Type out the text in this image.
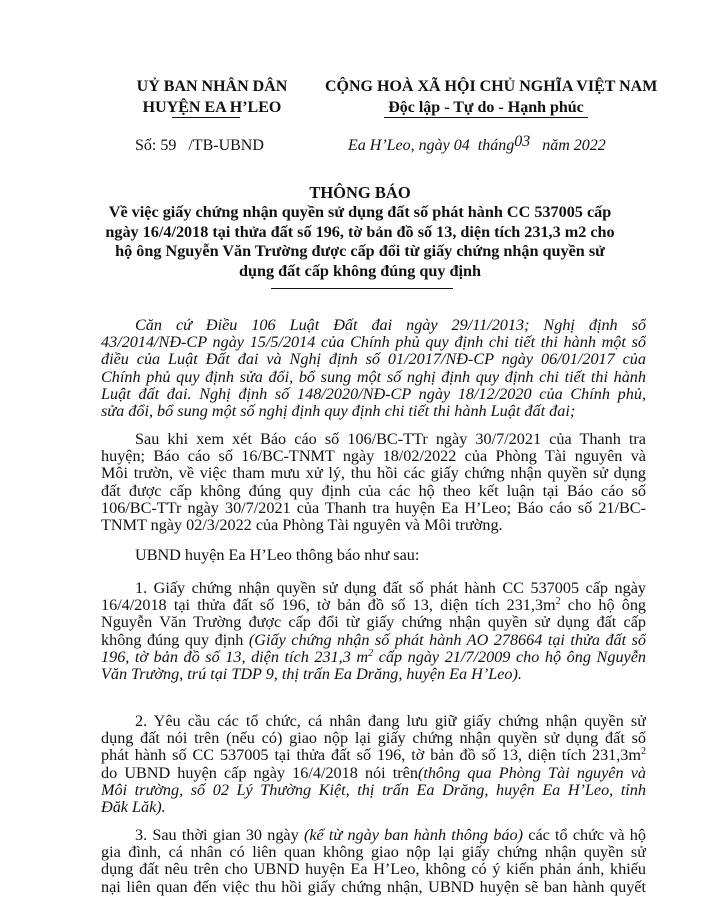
UỶ BAN NHÂN DÂN
HUYỆN EA H’LEO
CỘNG HOÀ XÃ HỘI CHỦ NGHĨA VIỆT NAM
Độc lập - Tự do - Hạnh phúc
Số: 59 /TB-UBND	Ea H’Leo, ngày 04 tháng03 năm 2022
THÔNG BÁO
Về việc giấy chứng nhận quyền sử dụng đất số phát hành CC 537005 cấp
ngày 16/4/2018 tại thửa đất số 196, tờ bản đồ số 13, diện tích 231,3 m2 cho
hộ ông Nguyễn Văn Trường được cấp đổi từ giấy chứng nhận quyền sử
dụng đất cấp không đúng quy định
Căn cứ Điều 106 Luật Đất đai ngày 29/11/2013; Nghị định số
43/2014/NĐ-CP ngày 15/5/2014 của Chính phủ quy định chi tiết thi hành một số
điều của Luật Đất đai và Nghị định số 01/2017/NĐ-CP ngày 06/01/2017 của
Chính phủ quy định sửa đổi, bổ sung một số nghị định quy định chi tiết thi hành
Luật đất đai. Nghị định số 148/2020/NĐ-CP ngày 18/12/2020 của Chính phủ,
sửa đổi, bổ sung một số nghị định quy định chi tiết thi hành Luật đất đai;
Sau khi xem xét Báo cáo số 106/BC-TTr ngày 30/7/2021 của Thanh tra
huyện; Báo cáo số 16/BC-TNMT ngày 18/02/2022 của Phòng Tài nguyên và
Môi trườn, về việc tham mưu xử lý, thu hồi các giấy chứng nhận quyền sử dụng
đất được cấp không đúng quy định của các hộ theo kết luận tại Báo cáo số
106/BC-TTr ngày 30/7/2021 của Thanh tra huyện Ea H’Leo; Báo cáo số 21/BC-
TNMT ngày 02/3/2022 của Phòng Tài nguyên và Môi trường.
UBND huyện Ea H’Leo thông báo như sau:
1. Giấy chứng nhận quyền sử dụng đất số phát hành CC 537005 cấp ngày
16/4/2018 tại thửa đất số 196, tờ bản đồ số 13, diện tích $231,3m^2$ cho hộ ông
Nguyễn Văn Trường được cấp đổi từ giấy chứng nhận quyền sử dụng đất cấp
không đúng quy định (Giấy chứng nhận số phát hành AO 278664 tại thửa đất số
196, tờ bản đồ số 13, diện tích 231,3 $m^2$ cấp ngày 21/7/2009 cho hộ ông Nguyễn
Văn Trường, trú tại TDP 9, thị trấn Ea Drăng, huyện Ea H’Leo).
2. Yêu cầu các tổ chức, cá nhân đang lưu giữ giấy chứng nhận quyền sử
dụng đất nói trên (nếu có) giao nộp lại giấy chứng nhận quyền sử dụng đất số
phát hành số CC 537005 tại thửa đất số 196, tờ bản đồ số 13, diện tích $231,3m^2$
do UBND huyện cấp ngày 16/4/2018 nói trên(thông qua Phòng Tài nguyên và
Môi trường, số 02 Lý Thường Kiệt, thị trấn Ea Drăng, huyện Ea H’Leo, tỉnh
Đăk Lăk).
3. Sau thời gian 30 ngày (kể từ ngày ban hành thông báo) các tổ chức và hộ
gia đình, cá nhân có liên quan không giao nộp lại giấy chứng nhận quyền sử
dụng đất nêu trên cho UBND huyện Ea H’Leo, không có ý kiến phản ánh, khiếu
nại liên quan đến việc thu hồi giấy chứng nhận, UBND huyện sẽ ban hành quyết
